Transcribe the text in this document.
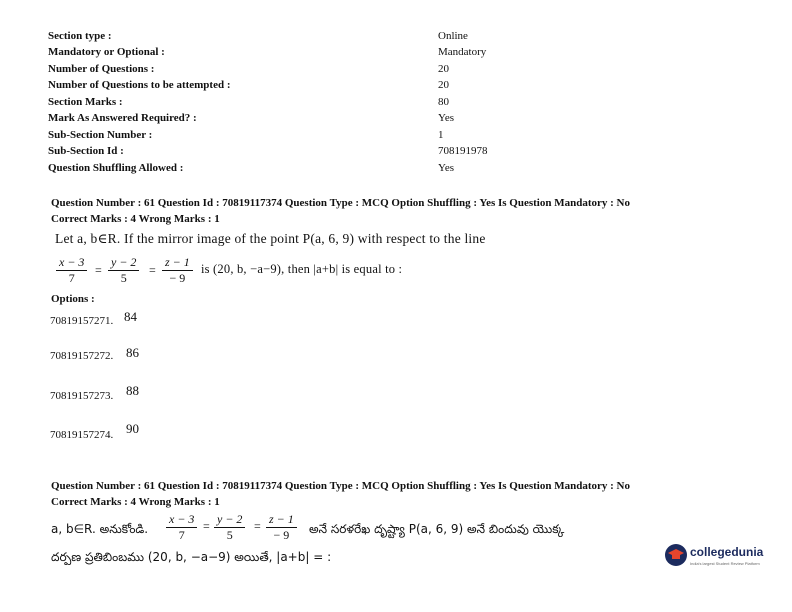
Section type :	Online
Mandatory or Optional :	Mandatory
Number of Questions :	20
Number of Questions to be attempted :	20
Section Marks :	80
Mark As Answered Required? :	Yes
Sub-Section Number :	1
Sub-Section Id :	708191978
Question Shuffling Allowed :	Yes
Question Number : 61 Question Id : 70819117374 Question Type : MCQ Option Shuffling : Yes Is Question Mandatory : No
Correct Marks : 4 Wrong Marks : 1
Let a, b∈R. If the mirror image of the point P(a, 6, 9) with respect to the line
$\frac{x - 3}{7} = \frac{y - 2}{5} = \frac{z - 1}{- 9}$ is (20, b, −a−9), then |a+b| is equal to :
Options :
70819157271. 84
70819157272. 86
70819157273. 88
70819157274. 90
Question Number : 61 Question Id : 70819117374 Question Type : MCQ Option Shuffling : Yes Is Question Mandatory : No
Correct Marks : 4 Wrong Marks : 1
a, b∈R. అనుకోండి. $\frac{x - 3}{7} = \frac{y - 2}{5} = \frac{z - 1}{- 9}$ అనే సరళరేఖ దృష్ట్యా P(a, 6, 9) అనే బిందువు యొక్క
దర్పణ ప్రతిబింబము (20, b, −a−9) అయితే, |a+b| = :	collegedunia
India's largest Student Review Platform
